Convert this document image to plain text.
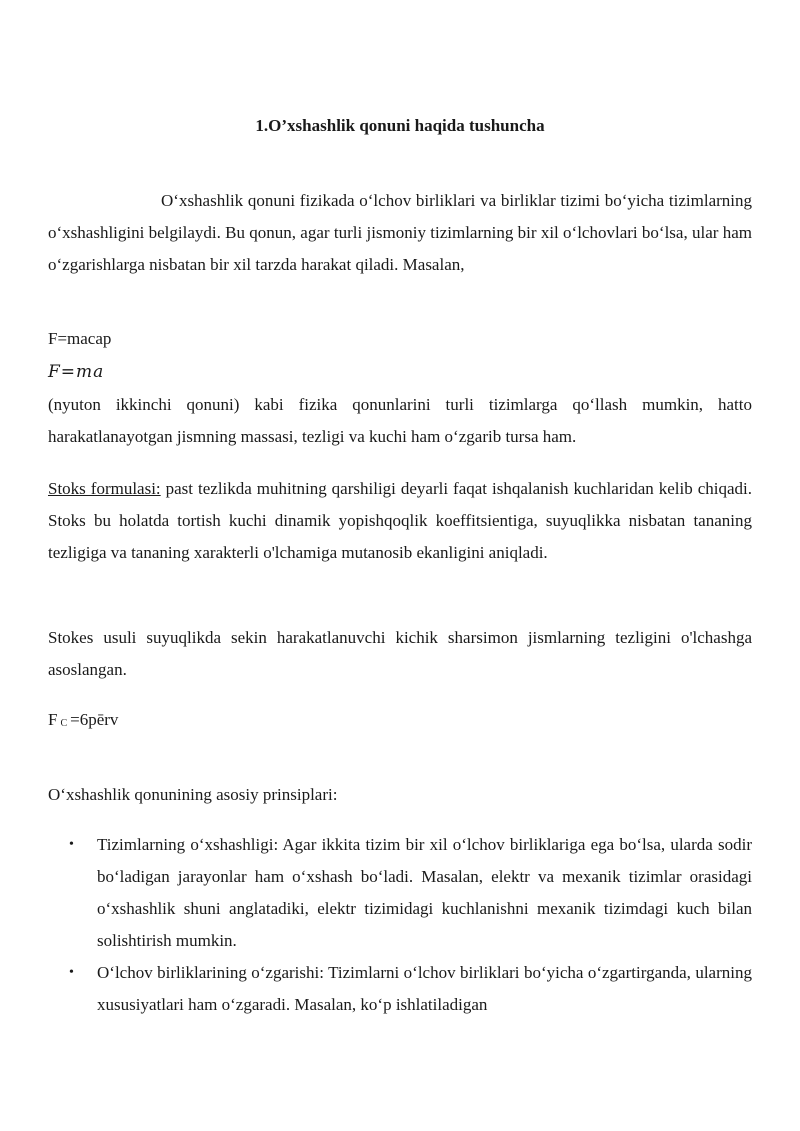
1.O’xshashlik qonuni haqida tushuncha

O‘xshashlik qonuni fizikada o‘lchov birliklari va birliklar tizimi bo‘yicha tizimlarning o‘xshashligini belgilaydi. Bu qonun, agar turli jismoniy tizimlarning bir xil o‘lchovlari bo‘lsa, ular ham o‘zgarishlarga nisbatan bir xil tarzda harakat qiladi. Masalan,

F=macap
F=ma

(nyuton ikkinchi qonuni) kabi fizika qonunlarini turli tizimlarga qo‘llash mumkin, hatto harakatlanayotgan jismning massasi, tezligi va kuchi ham o‘zgarib tursa ham.

Stoks formulasi: past tezlikda muhitning qarshiligi deyarli faqat ishqalanish kuchlaridan kelib chiqadi. Stoks bu holatda tortish kuchi dinamik yopishqoqlik koeffitsientiga, suyuqlikka nisbatan tananing tezligiga va tananing xarakterli o'lchamiga mutanosib ekanligini aniqladi.

Stokes usuli suyuqlikda sekin harakatlanuvchi kichik sharsimon jismlarning tezligini o'lchashga asoslangan.

F $_C$ =6pērv
O‘xshashlik qonunining asosiy prinsiplari:
• Tizimlarning o‘xshashligi: Agar ikkita tizim bir xil o‘lchov birliklariga ega bo‘lsa, ularda sodir bo‘ladigan jarayonlar ham o‘xshash bo‘ladi. Masalan, elektr va mexanik tizimlar orasidagi o‘xshashlik shuni anglatadiki, elektr tizimidagi kuchlanishni mexanik tizimdagi kuch bilan solishtirish mumkin.
• O‘lchov birliklarining o‘zgarishi: Tizimlarni o‘lchov birliklari bo‘yicha o‘zgartirganda, ularning xususiyatlari ham o‘zgaradi. Masalan, ko‘p ishlatiladigan
